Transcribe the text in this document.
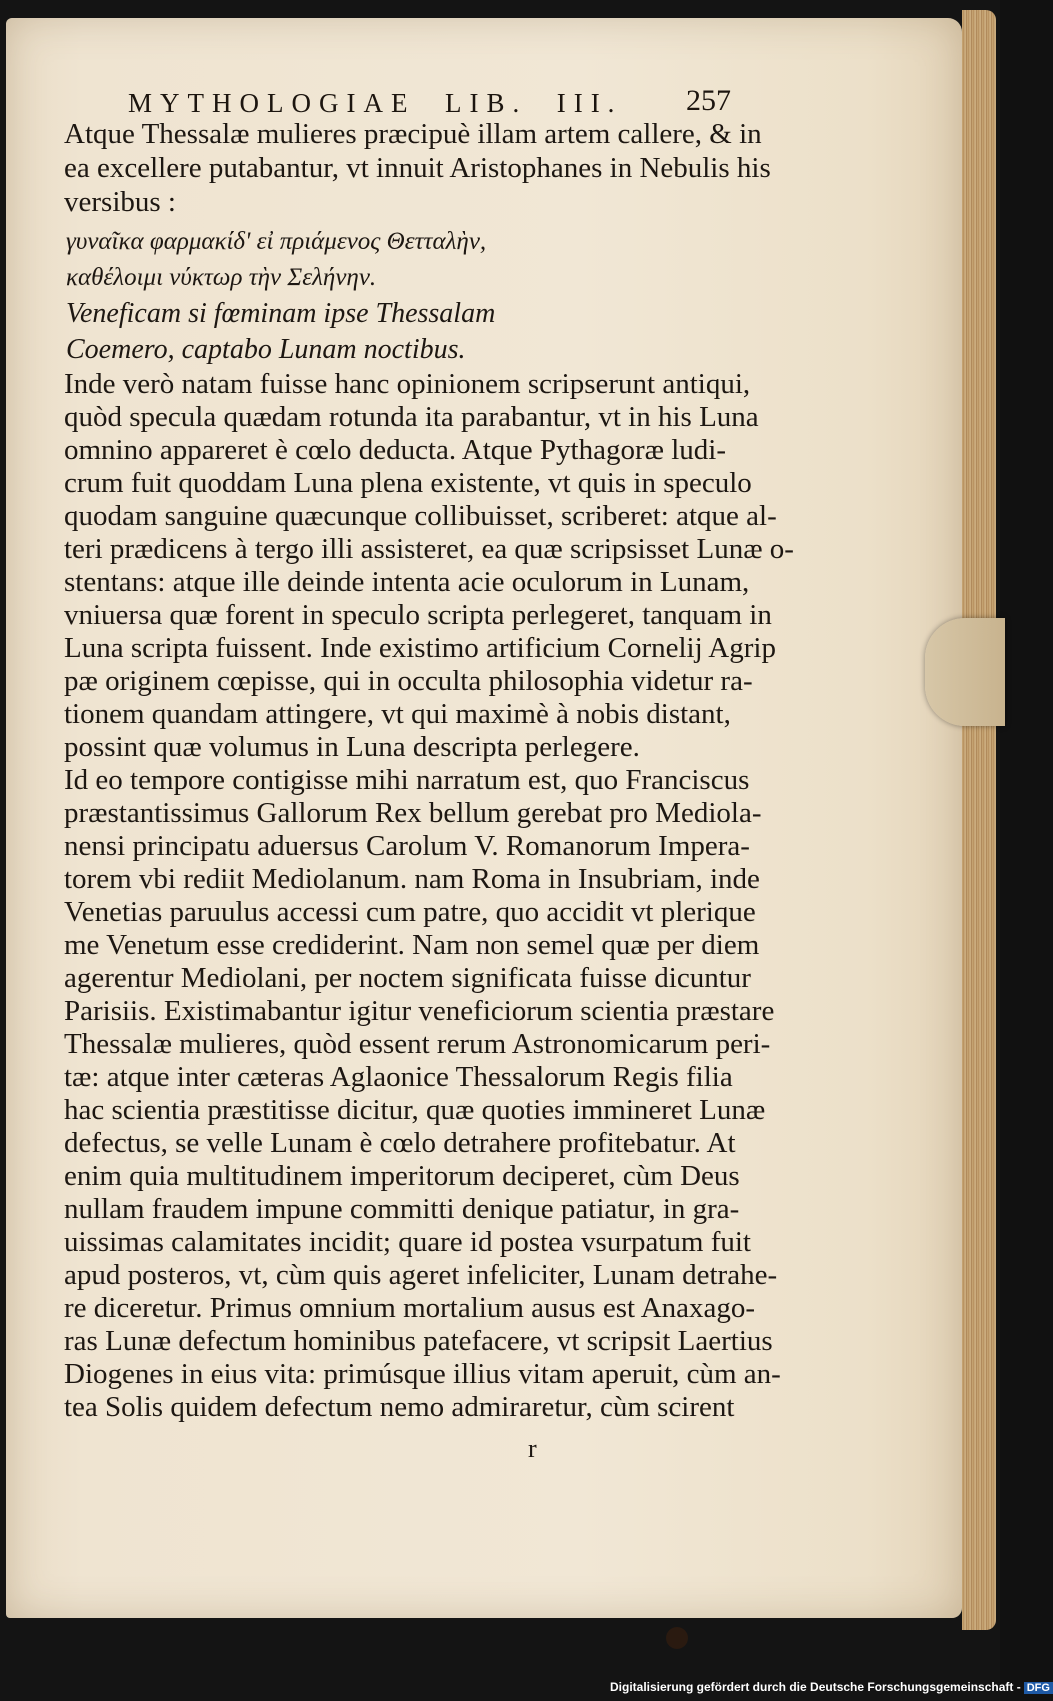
MYTHOLOGIAE  LIB.  III.	257
Atque Thessalæ mulieres præcipuè illam artem callere, & in
ea excellere putabantur, vt innuit Aristophanes in Nebulis his
versibus :
γυναῖκα φαρμακίδ' εἰ πριάμενος Θετταλὴν,
καθέλοιμι νύκτωρ τὴν Σελήνην.
Veneficam si fœminam ipse Thessalam
Coemero, captabo Lunam noctibus.
Inde verò natam fuisse hanc opinionem scripserunt antiqui,
quòd specula quædam rotunda ita parabantur, vt in his Luna
omnino appareret è cœlo deducta. Atque Pythagoræ ludi-
crum fuit quoddam Luna plena existente, vt quis in speculo
quodam sanguine quæcunque collibuisset, scriberet: atque al-
teri prædicens à tergo illi assisteret, ea quæ scripsisset Lunæ o-
stentans: atque ille deinde intenta acie oculorum in Lunam,
vniuersa quæ forent in speculo scripta perlegeret, tanquam in
Luna scripta fuissent. Inde existimo artificium Cornelij Agrip
pæ originem cœpisse, qui in occulta philosophia videtur ra-
tionem quandam attingere, vt qui maximè à nobis distant,
possint quæ volumus in Luna descripta perlegere.
Id eo tempore contigisse mihi narratum est, quo Franciscus
præstantissimus Gallorum Rex bellum gerebat pro Mediola-
nensi principatu aduersus Carolum V. Romanorum Impera-
torem vbi rediit Mediolanum. nam Roma in Insubriam, inde
Venetias paruulus accessi cum patre, quo accidit vt plerique
me Venetum esse crediderint. Nam non semel quæ per diem
agerentur Mediolani, per noctem significata fuisse dicuntur
Parisiis. Existimabantur igitur veneficiorum scientia præstare
Thessalæ mulieres, quòd essent rerum Astronomicarum peri-
tæ: atque inter cæteras Aglaonice Thessalorum Regis filia
hac scientia præstitisse dicitur, quæ quoties immineret Lunæ
defectus, se velle Lunam è cœlo detrahere profitebatur. At
enim quia multitudinem imperitorum deciperet, cùm Deus
nullam fraudem impune committi denique patiatur, in gra-
uissimas calamitates incidit; quare id postea vsurpatum fuit
apud posteros, vt, cùm quis ageret infeliciter, Lunam detrahe-
re diceretur. Primus omnium mortalium ausus est Anaxago-
ras Lunæ defectum hominibus patefacere, vt scripsit Laertius
Diogenes in eius vita: primúsque illius vitam aperuit, cùm an-
tea Solis quidem defectum nemo admiraretur, cùm scirent
r
Digitalisierung gefördert durch die Deutsche Forschungsgemeinschaft - DFG
